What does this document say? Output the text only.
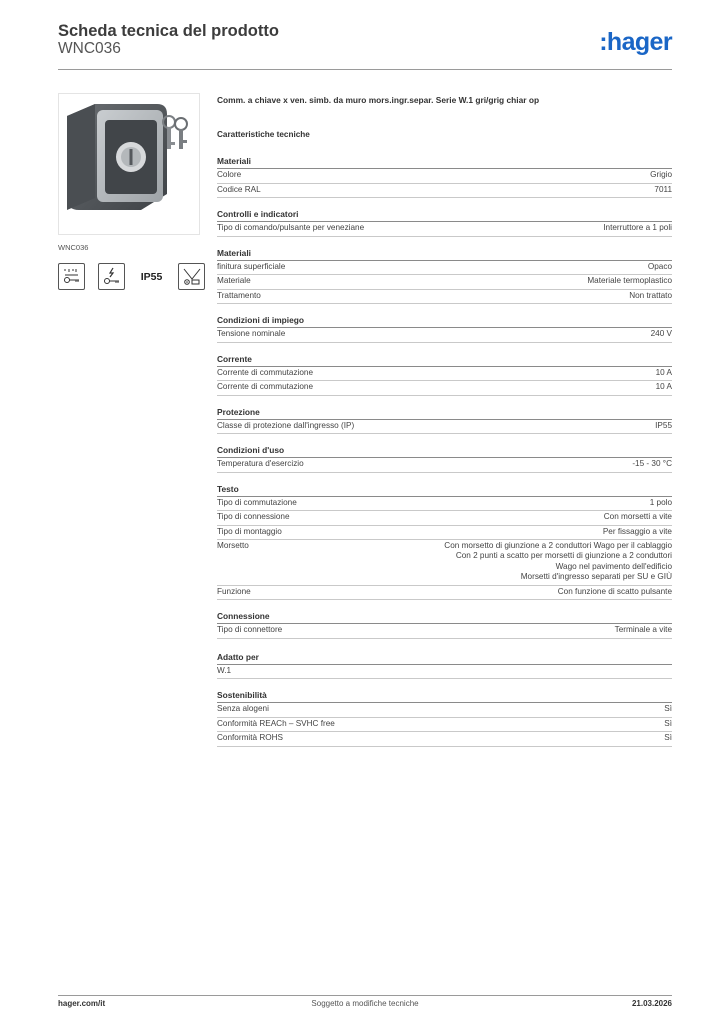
Scheda tecnica del prodotto
WNC036	:hager
WNC036
IP55
Comm. a chiave x ven. simb. da muro mors.ingr.separ. Serie W.1 gri/grig chiar op
Caratteristiche tecniche
Materiali
Colore	Grigio
Codice RAL	7011
Controlli e indicatori
Tipo di comando/pulsante per veneziane	Interruttore a 1 poli
Materiali
finitura superficiale	Opaco
Materiale	Materiale termoplastico
Trattamento	Non trattato
Condizioni di impiego
Tensione nominale	240 V
Corrente
Corrente di commutazione	10 A
Corrente di commutazione	10 A
Protezione
Classe di protezione dall'ingresso (IP)	IP55
Condizioni d'uso
Temperatura d'esercizio	-15 - 30 °C
Testo
Tipo di commutazione	1 polo
Tipo di connessione	Con morsetti a vite
Tipo di montaggio	Per fissaggio a vite
Morsetto	Con morsetto di giunzione a 2 conduttori Wago per il cablaggio
Con 2 punti a scatto per morsetti di giunzione a 2 conduttori
Wago nel pavimento dell'edificio
Morsetti d'ingresso separati per SU e GIÙ
Funzione	Con funzione di scatto pulsante
Connessione
Tipo di connettore	Terminale a vite
Adatto per
W.1
Sostenibilità
Senza alogeni	Sì
Conformità REACh – SVHC free	Sì
Conformità ROHS	Sì
hager.com/it	Soggetto a modifiche tecniche	21.03.2026
